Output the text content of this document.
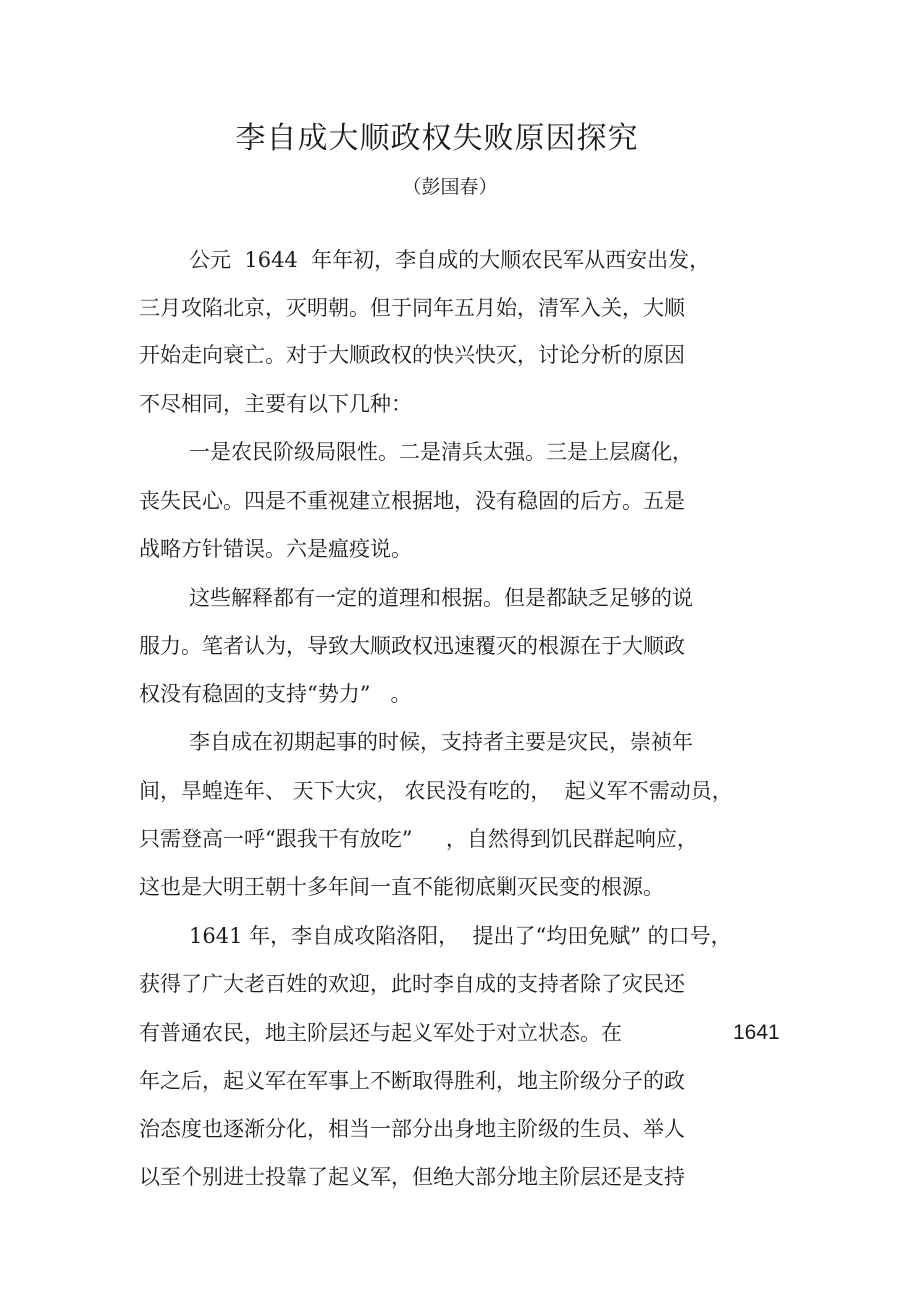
李自成大顺政权失败原因探究

（彭国春）

公元  1644  年年初，李自成的大顺农民军从西安出发，

三月攻陷北京，灭明朝。但于同年五月始，清军入关，大顺

开始走向衰亡。对于大顺政权的快兴快灭，讨论分析的原因

不尽相同，主要有以下几种：

一是农民阶级局限性。二是清兵太强。三是上层腐化，

丧失民心。四是不重视建立根据地，没有稳固的后方。五是

战略方针错误。六是瘟疫说。

这些解释都有一定的道理和根据。但是都缺乏足够的说

服力。笔者认为，导致大顺政权迅速覆灭的根源在于大顺政

权没有稳固的支持“势力”   。

李自成在初期起事的时候，支持者主要是灾民，崇祯年

间，旱蝗连年、 天下大灾， 农民没有吃的，  起义军不需动员，

只需登高一呼“跟我干有放吃”     ，自然得到饥民群起响应，

这也是大明王朝十多年间一直不能彻底剿灭民变的根源。

1641 年，李自成攻陷洛阳，  提出了“均田免赋” 的口号，

获得了广大老百姓的欢迎，此时李自成的支持者除了灾民还

有普通农民，地主阶层还与起义军处于对立状态。在	1641

年之后，起义军在军事上不断取得胜利，地主阶级分子的政

治态度也逐渐分化，相当一部分出身地主阶级的生员、举人

以至个别进士投靠了起义军，但绝大部分地主阶层还是支持
